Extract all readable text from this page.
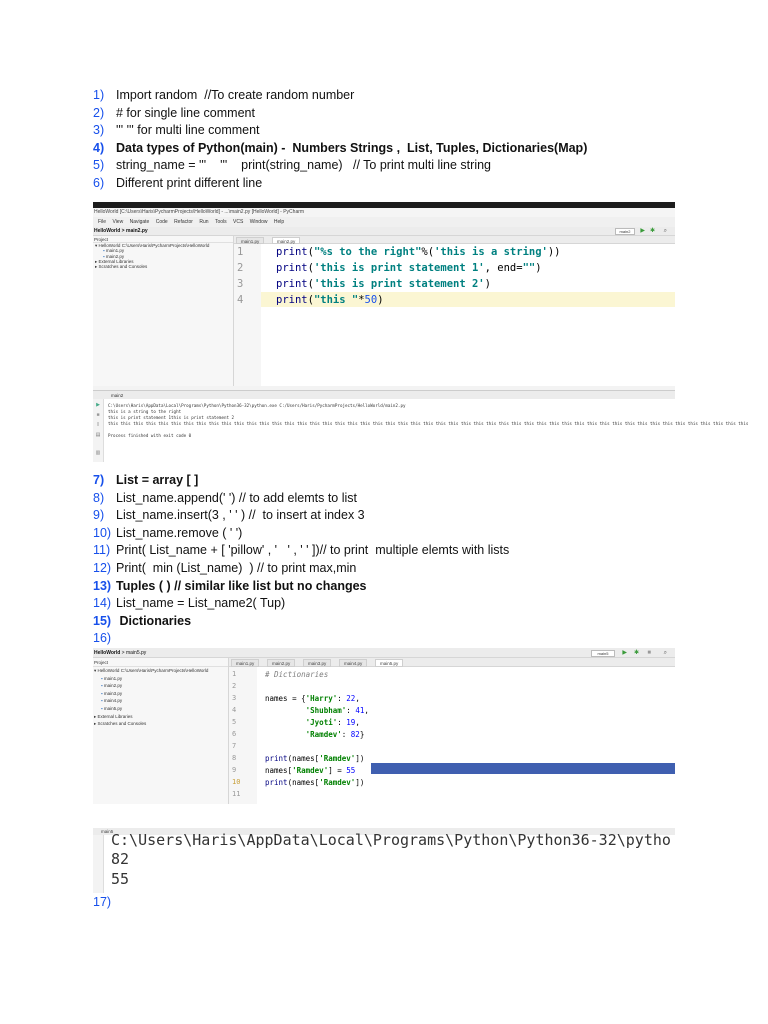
1) Import random  //To create random number
2) # for single line comment
3) ''' ''' for multi line comment
4) Data types of Python(main) -  Numbers Strings ,  List, Tuples, Dictionaries(Map)
5) string_name = '''    '''    print(string_name)   // To print multi line string
6) Different print different line
HelloWorld [C:\Users\Haris\PycharmProjects\HelloWorld] - ...\main2.py [HelloWorld] - PyCharm
File View Navigate Code Refactor Run Tools VCS Window Help
HelloWorld > main2.py	main2	▶ ✱ ⌕
Project
▾ HelloWorld C:\Users\Haris\PycharmProjects\HelloWorld
▪ main1.py
▪ main2.py
▸ External Libraries
▸ Scratches and Consoles
main1.py	main2.py
1
2
3
4
print("%s to the right"%('this is a string'))
print('this is print statement 1', end="")
print('this is print statement 2')
print("this "*50)
main2
▶
■
‖
▤
▥
C:\Users\Haris\AppData\Local\Programs\Python\Python36-32\python.exe C:/Users/Haris/PycharmProjects/HelloWorld/main2.py
this is a string to the right
this is print statement 1this is print statement 2
this this this this this this this this this this this this this this this this this this this this this this this this this this this this this this this this this this this this this this this this this this this this this this this this this this this
Process finished with exit code 0
7) List = array [ ]
8) List_name.append(' ') // to add elemts to list
9) List_name.insert(3 , ' ' ) //  to insert at index 3
10) List_name.remove ( ' ')
11) Print( List_name + [ 'pillow' , '   ' , ' ' ])// to print  multiple elemts with lists
12) Print(  min (List_name)  ) // to print max,min
13) Tuples ( ) // similar like list but no changes
14) List_name = List_name2( Tup)
15) Dictionaries
16)
HelloWorld > main5.py	main5	▶ ✱ ■ ⌕
Project
▾ HelloWorld C:\Users\Haris\PycharmProjects\HelloWorld
▪ main1.py
▪ main2.py
▪ main3.py
▪ main4.py
▪ main5.py
▸ External Libraries
▸ Scratches and Consoles
main1.py	main2.py	main3.py	main4.py	main5.py
1
2
3
4
5
6
7
8
9
10
11
# Dictionaries
names = {'Harry': 22,
'Shubham': 41,
'Jyoti': 19,
'Ramdev': 82}
print(names['Ramdev'])
names['Ramdev'] = 55
print(names['Ramdev'])
main5
C:\Users\Haris\AppData\Local\Programs\Python\Python36-32\pytho
82
55
17)
